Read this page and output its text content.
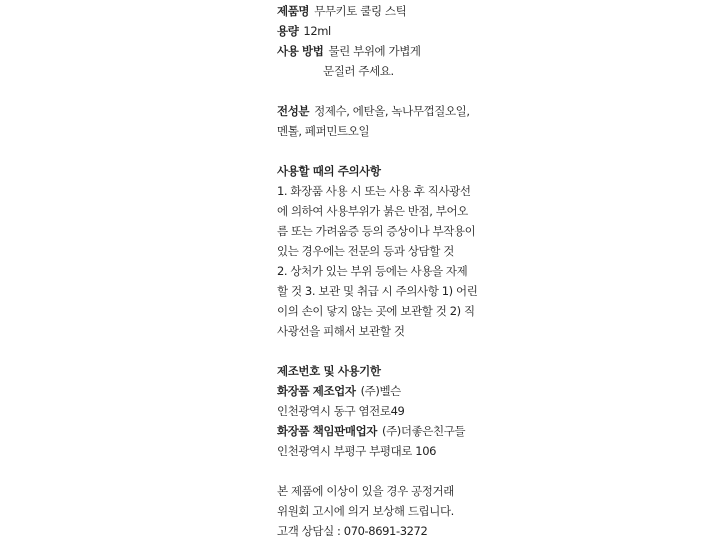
제품명 무무키토 쿨링 스틱
용량 12ml
사용 방법 물린 부위에 가볍게
문질러 주세요.
전성분 정제수, 에탄올, 녹나무껍질오일,
멘톨, 페퍼민트오일
사용할 때의 주의사항
1. 화장품 사용 시 또는 사용 후 직사광선
에 의하여 사용부위가 붉은 반점, 부어오
름 또는 가려움증 등의 증상이나 부작용이
있는 경우에는 전문의 등과 상담할 것
2. 상처가 있는 부위 등에는 사용을 자제
할 것 3. 보관 및 취급 시 주의사항 1) 어린
이의 손이 닿지 않는 곳에 보관할 것 2) 직
사광선을 피해서 보관할 것
제조번호 및 사용기한
화장품 제조업자 (주)벨슨
인천광역시 동구 염전로49
화장품 책임판매업자 (주)더좋은친구들
인천광역시 부평구 부평대로 106
본 제품에 이상이 있을 경우 공정거래
위원회 고시에 의거 보상해 드립니다.
고객 상담실 : 070-8691-3272
